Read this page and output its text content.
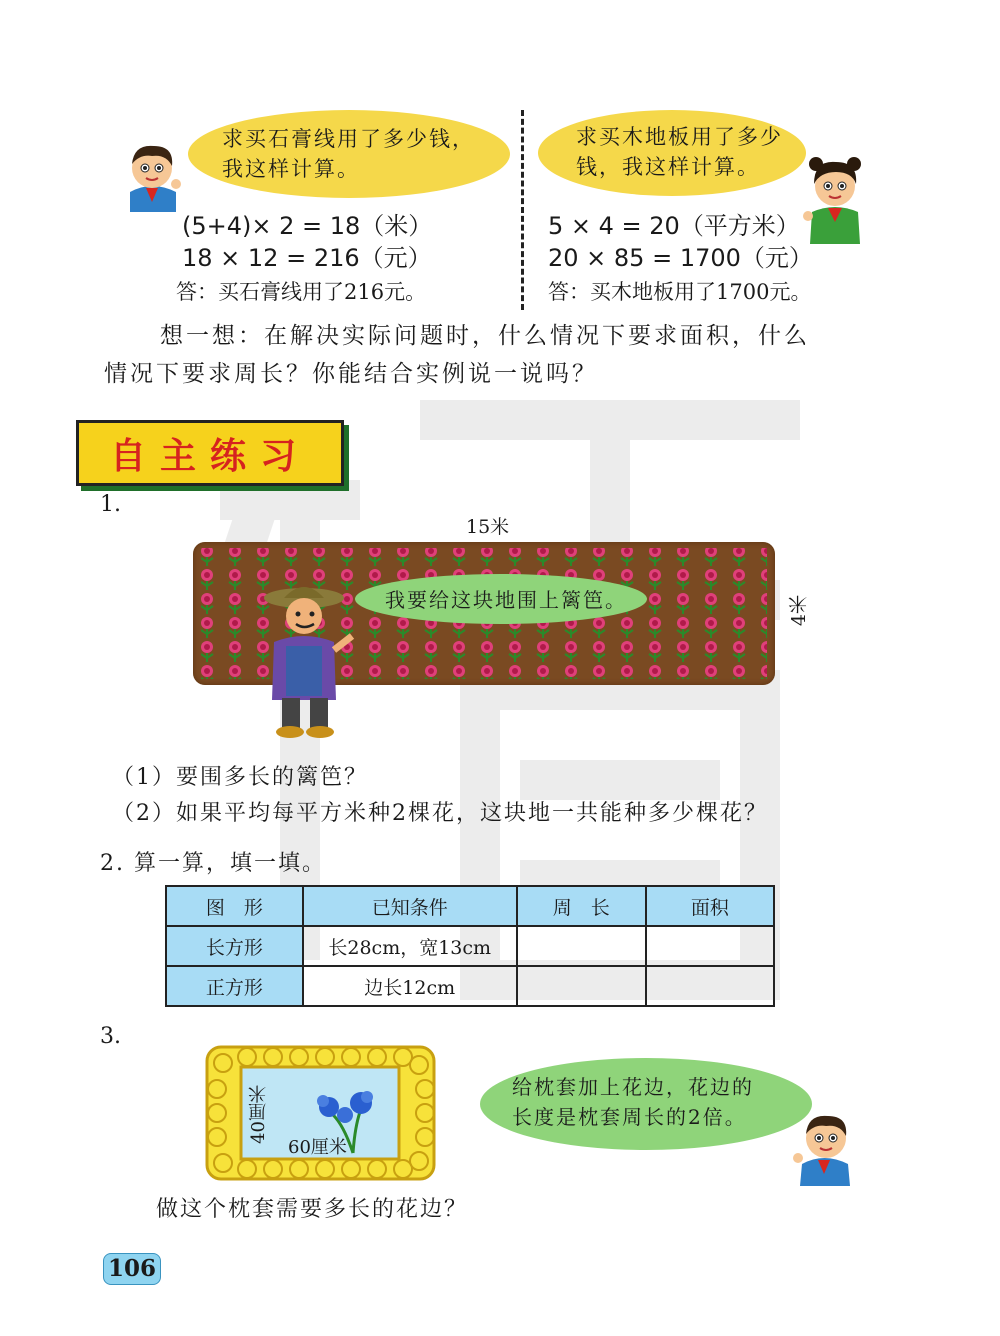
求买石膏线用了多少钱，
我这样计算。
(5+4)× 2 = 18（米）
18 × 12 = 216（元）
答：买石膏线用了216元。
求买木地板用了多少
钱，我这样计算。
5 × 4 = 20（平方米）
20 × 85 = 1700（元）
答：买木地板用了1700元。
想一想：在解决实际问题时，什么情况下要求面积，什么
情况下要求周长？你能结合实例说一说吗？
自主练习
1.
15米
4米
我要给这块地围上篱笆。
（1）要围多长的篱笆？
（2）如果平均每平方米种2棵花，这块地一共能种多少棵花？
2. 算一算，填一填。
图　形	已知条件	周　长	面积
长方形	长28cm，宽13cm		
正方形	边长12cm		
3.
40厘米
60厘米
给枕套加上花边，花边的
长度是枕套周长的2倍。
做这个枕套需要多长的花边？
106
